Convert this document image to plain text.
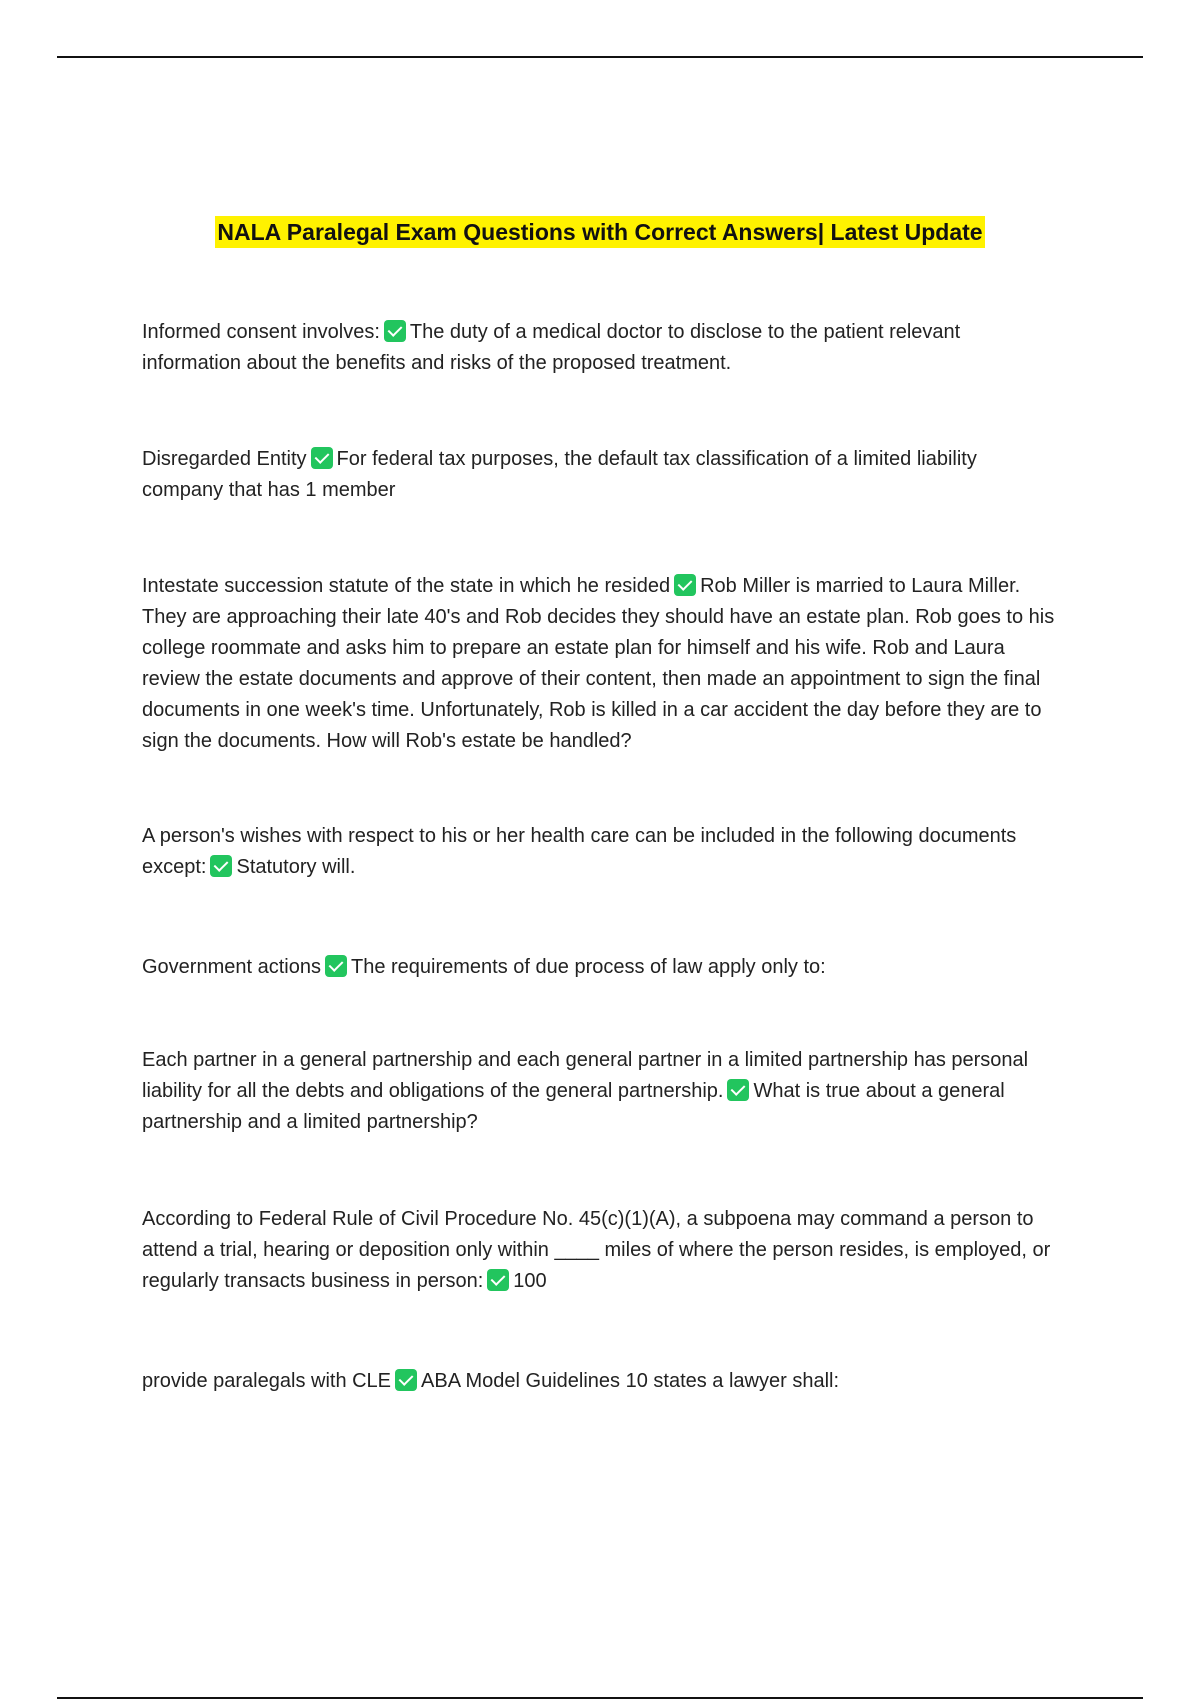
NALA Paralegal Exam Questions with Correct Answers| Latest Update

Informed consent involves: The duty of a medical doctor to disclose to the patient relevant information about the benefits and risks of the proposed treatment.

Disregarded Entity For federal tax purposes, the default tax classification of a limited liability company that has 1 member

Intestate succession statute of the state in which he resided Rob Miller is married to Laura Miller. They are approaching their late 40's and Rob decides they should have an estate plan. Rob goes to his college roommate and asks him to prepare an estate plan for himself and his wife. Rob and Laura review the estate documents and approve of their content, then made an appointment to sign the final documents in one week's time. Unfortunately, Rob is killed in a car accident the day before they are to sign the documents. How will Rob's estate be handled?

A person's wishes with respect to his or her health care can be included in the following documents except: Statutory will.

Government actions The requirements of due process of law apply only to:

Each partner in a general partnership and each general partner in a limited partnership has personal liability for all the debts and obligations of the general partnership. What is true about a general partnership and a limited partnership?

According to Federal Rule of Civil Procedure No. 45(c)(1)(A), a subpoena may command a person to attend a trial, hearing or deposition only within ____ miles of where the person resides, is employed, or regularly transacts business in person: 100

provide paralegals with CLE ABA Model Guidelines 10 states a lawyer shall:
